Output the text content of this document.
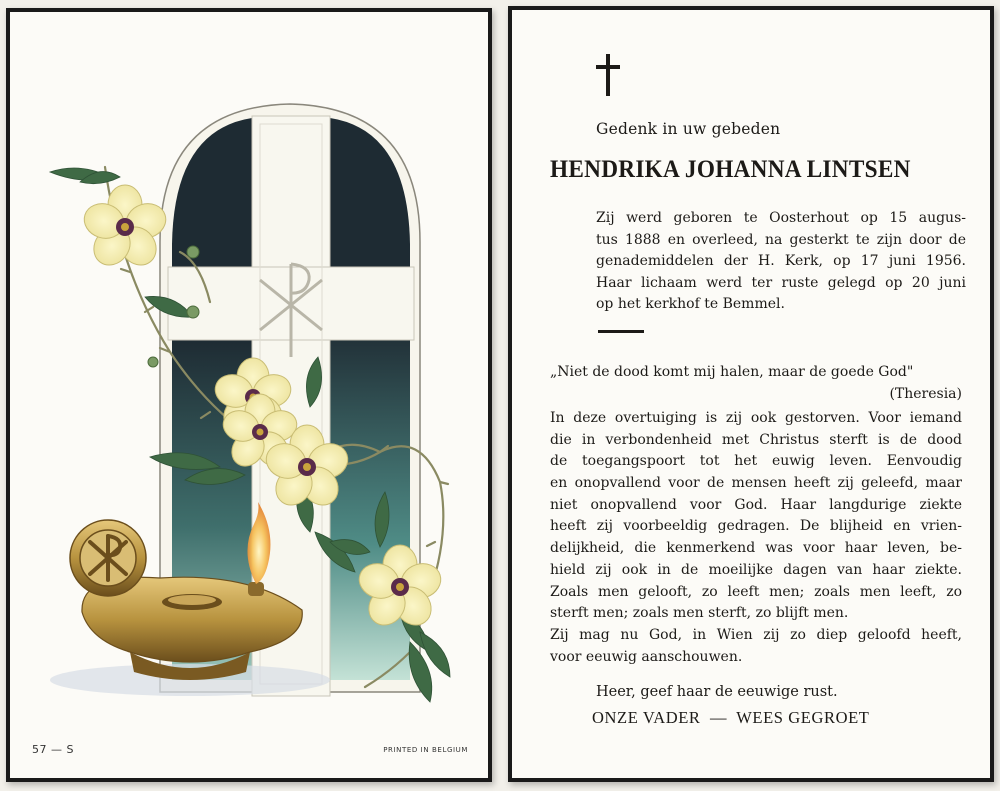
57 — S	PRINTED IN BELGIUM
Gedenk in uw gebeden
HENDRIKA JOHANNA LINTSEN
Zij werd geboren te Oosterhout op 15 augus-
tus 1888 en overleed, na gesterkt te zijn door de
genademiddelen der H. Kerk, op 17 juni 1956.
Haar lichaam werd ter ruste gelegd op 20 juni
op het kerkhof te Bemmel.
„Niet de dood komt mij halen, maar de goede God"
(Theresia)
In deze overtuiging is zij ook gestorven. Voor iemand
die in verbondenheid met Christus sterft is de dood
de toegangspoort tot het euwig leven. Eenvoudig
en onopvallend voor de mensen heeft zij geleefd, maar
niet onopvallend voor God. Haar langdurige ziekte
heeft zij voorbeeldig gedragen. De blijheid en vrien-
delijkheid, die kenmerkend was voor haar leven, be-
hield zij ook in de moeilijke dagen van haar ziekte.
Zoals men gelooft, zo leeft men; zoals men leeft, zo
sterft men; zoals men sterft, zo blijft men.
Zij mag nu God, in Wien zij zo diep geloofd heeft,
voor eeuwig aanschouwen.
Heer, geef haar de eeuwige rust.
ONZE VADER  —  WEES GEGROET
